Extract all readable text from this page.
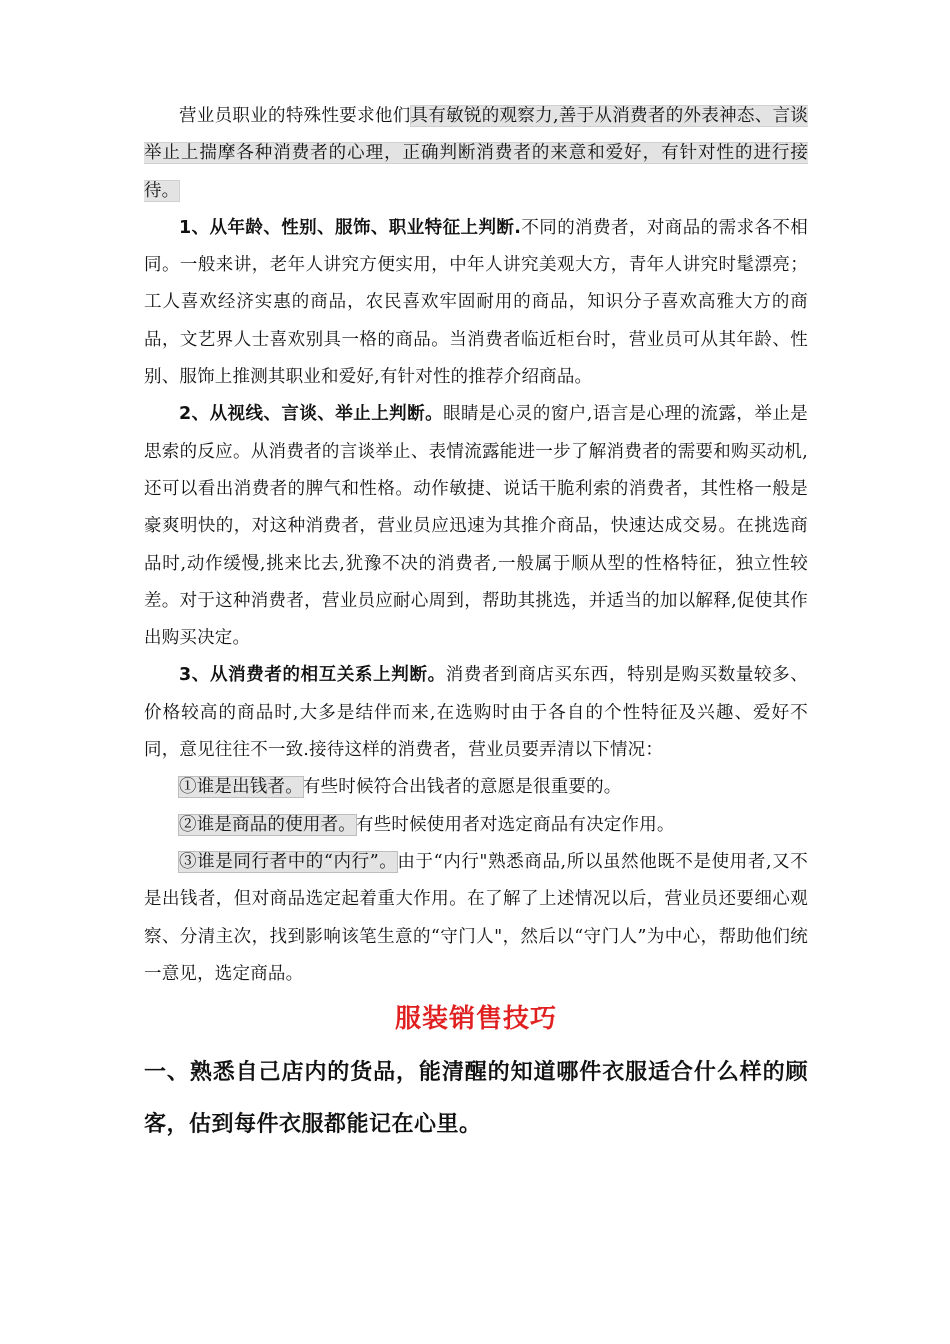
营业员职业的特殊性要求他们具有敏锐的观察力,善于从消费者的外表神态、言谈举止上揣摩各种消费者的心理，正确判断消费者的来意和爱好，有针对性的进行接待。

1、从年龄、性别、服饰、职业特征上判断.不同的消费者，对商品的需求各不相同。一般来讲，老年人讲究方便实用，中年人讲究美观大方，青年人讲究时髦漂亮；工人喜欢经济实惠的商品，农民喜欢牢固耐用的商品，知识分子喜欢高雅大方的商品，文艺界人士喜欢别具一格的商品。当消费者临近柜台时，营业员可从其年龄、性别、服饰上推测其职业和爱好,有针对性的推荐介绍商品。

2、从视线、言谈、举止上判断。眼睛是心灵的窗户,语言是心理的流露，举止是思索的反应。从消费者的言谈举止、表情流露能进一步了解消费者的需要和购买动机,还可以看出消费者的脾气和性格。动作敏捷、说话干脆利索的消费者，其性格一般是豪爽明快的，对这种消费者，营业员应迅速为其推介商品，快速达成交易。在挑选商品时,动作缓慢,挑来比去,犹豫不决的消费者,一般属于顺从型的性格特征，独立性较差。对于这种消费者，营业员应耐心周到，帮助其挑选，并适当的加以解释,促使其作出购买决定。

3、从消费者的相互关系上判断。消费者到商店买东西，特别是购买数量较多、价格较高的商品时,大多是结伴而来,在选购时由于各自的个性特征及兴趣、爱好不同，意见往往不一致.接待这样的消费者，营业员要弄清以下情况：

①谁是出钱者。有些时候符合出钱者的意愿是很重要的。

②谁是商品的使用者。有些时候使用者对选定商品有决定作用。

③谁是同行者中的“内行”。由于“内行"熟悉商品,所以虽然他既不是使用者,又不是出钱者，但对商品选定起着重大作用。在了解了上述情况以后，营业员还要细心观察、分清主次，找到影响该笔生意的“守门人"，然后以“守门人”为中心，帮助他们统一意见，选定商品。

服装销售技巧

一、熟悉自己店内的货品，能清醒的知道哪件衣服适合什么样的顾客，估到每件衣服都能记在心里。
